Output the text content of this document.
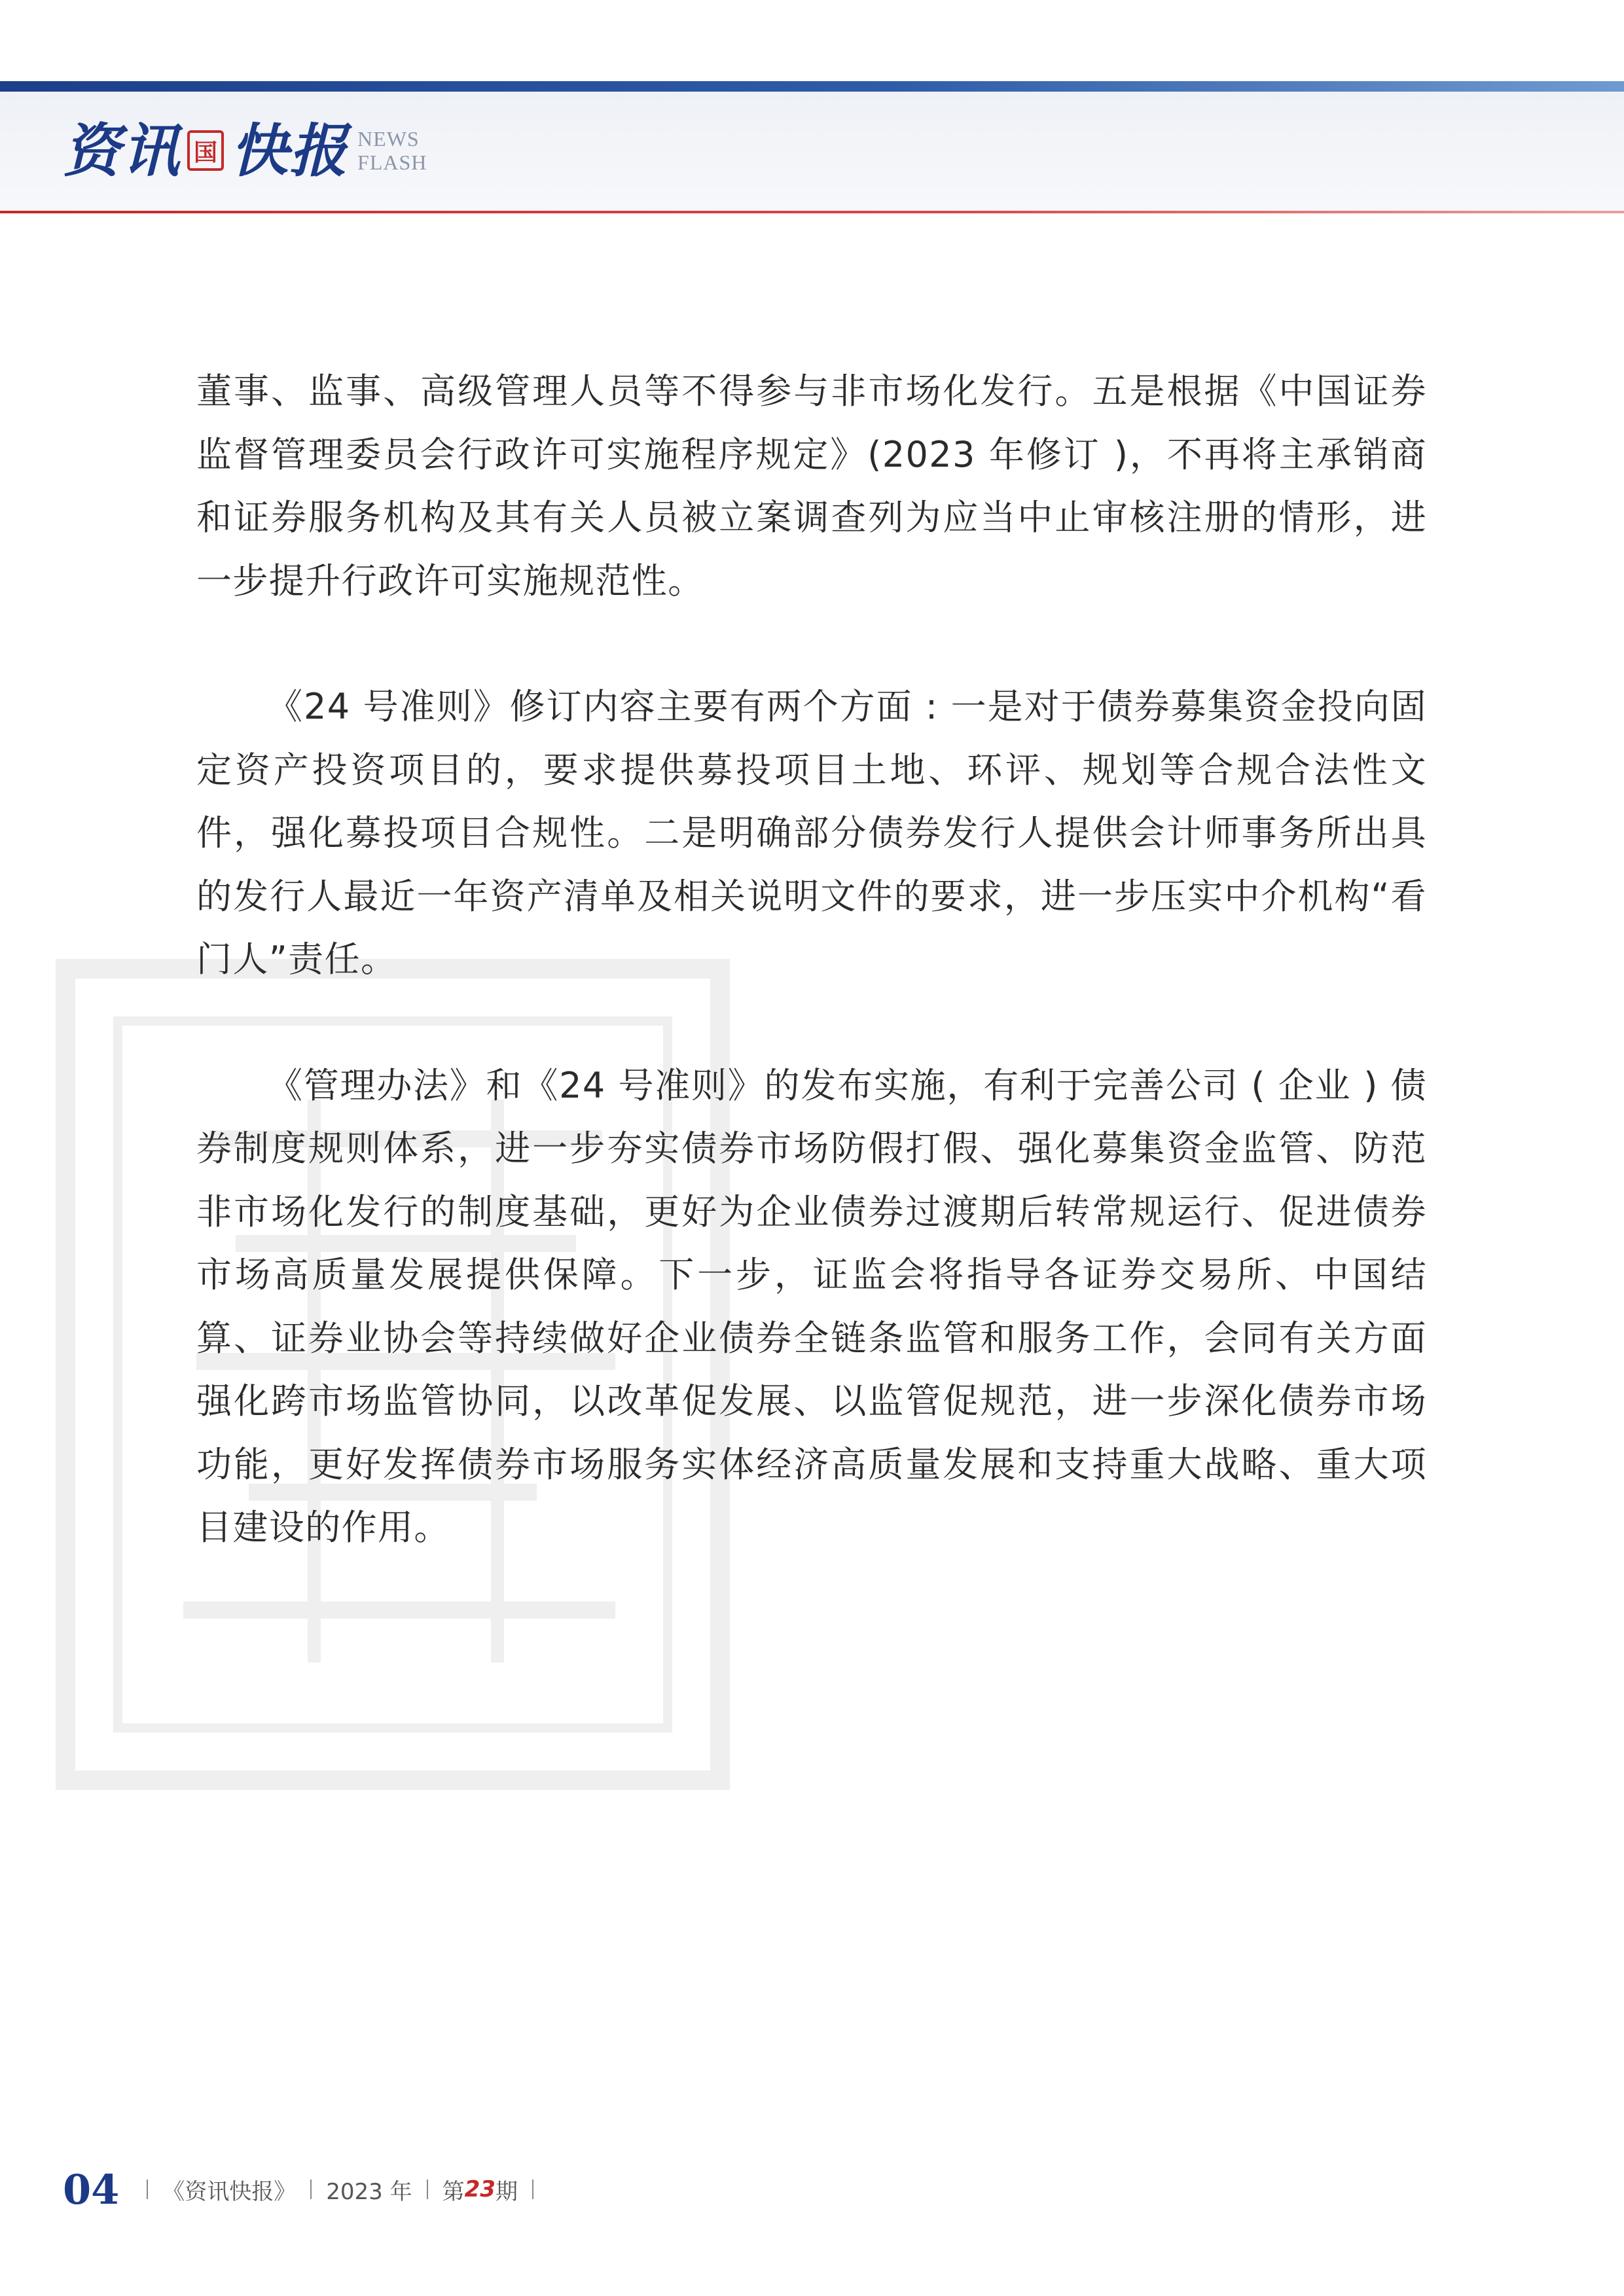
资讯 国 快报 NEWS
FLASH

董事、监事、高级管理人员等不得参与非市场化发行。五是根据《中国证券监督管理委员会行政许可实施程序规定》(2023 年修订 )，不再将主承销商和证券服务机构及其有关人员被立案调查列为应当中止审核注册的情形，进一步提升行政许可实施规范性。

《24 号准则》修订内容主要有两个方面 : 一是对于债券募集资金投向固定资产投资项目的，要求提供募投项目土地、环评、规划等合规合法性文件，强化募投项目合规性。二是明确部分债券发行人提供会计师事务所出具的发行人最近一年资产清单及相关说明文件的要求，进一步压实中介机构“看门人”责任。

《管理办法》和《24 号准则》的发布实施，有利于完善公司 ( 企业 ) 债券制度规则体系，进一步夯实债券市场防假打假、强化募集资金监管、防范非市场化发行的制度基础，更好为企业债券过渡期后转常规运行、促进债券市场高质量发展提供保障。下一步，证监会将指导各证券交易所、中国结算、证券业协会等持续做好企业债券全链条监管和服务工作，会同有关方面强化跨市场监管协同，以改革促发展、以监管促规范，进一步深化债券市场功能，更好发挥债券市场服务实体经济高质量发展和支持重大战略、重大项目建设的作用。

04 《资讯快报》 2023 年 第 23 期
